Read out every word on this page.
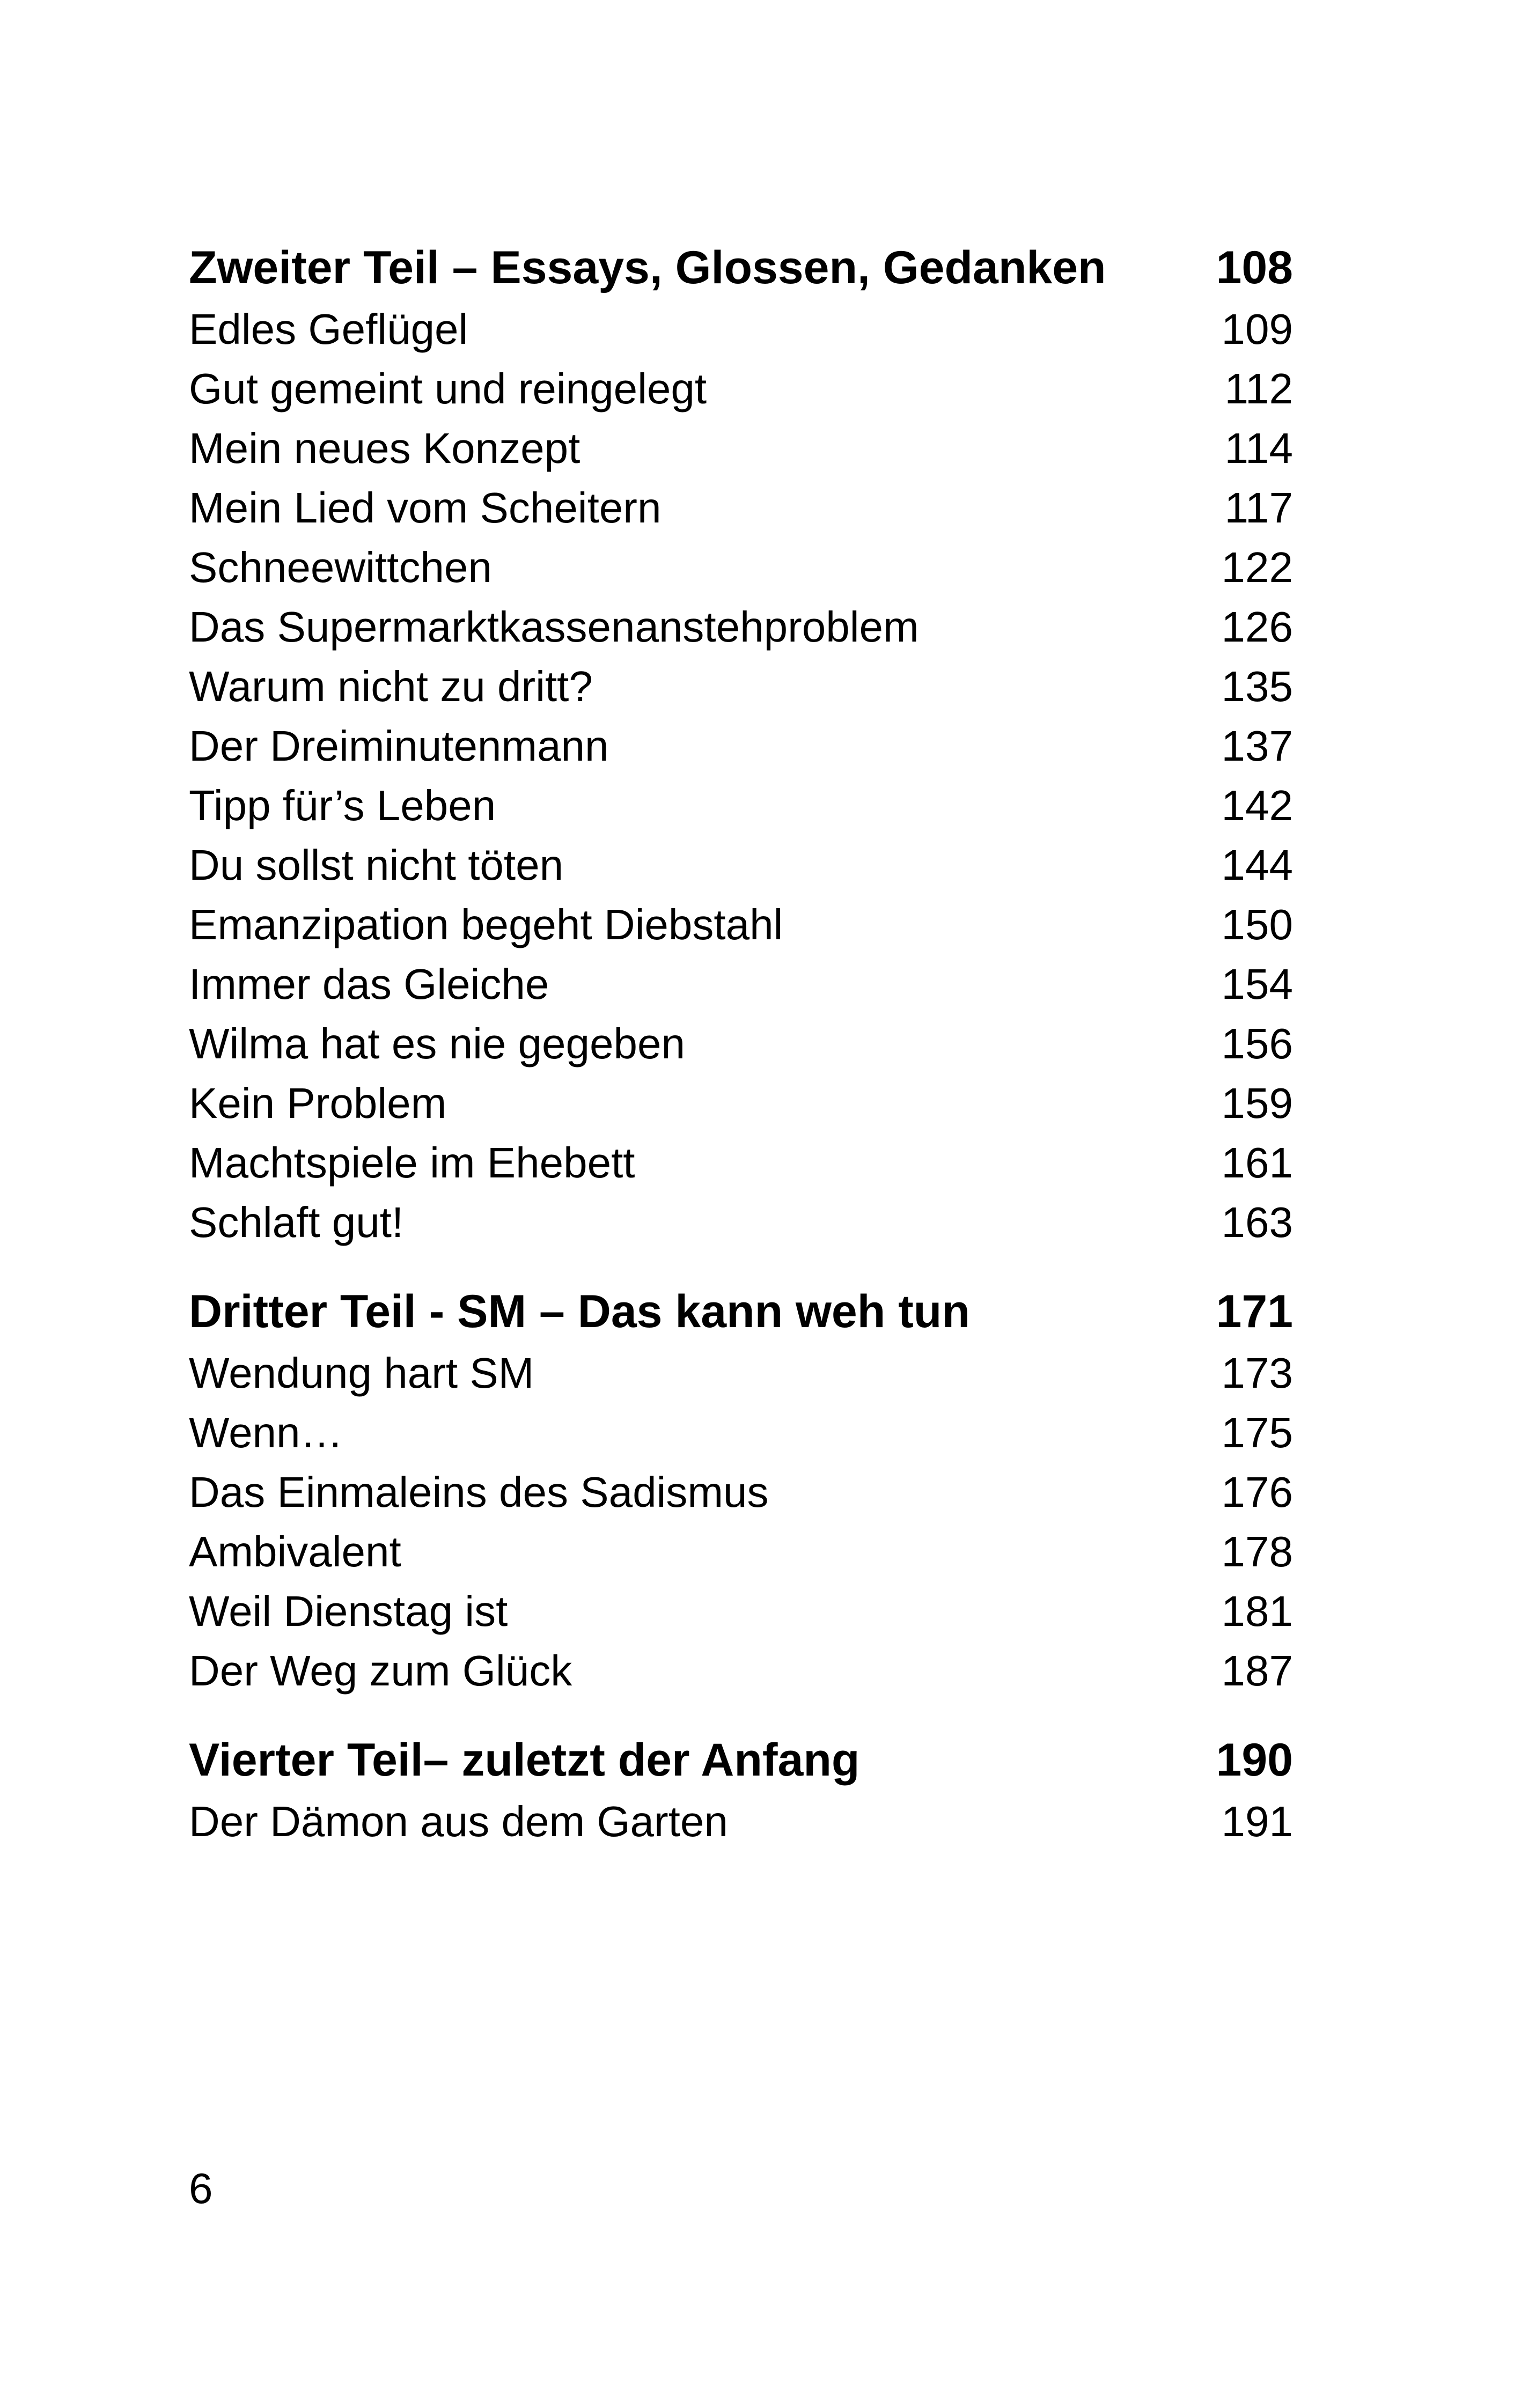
Zweiter Teil – Essays, Glossen, Gedanken	108
Edles Geflügel	109
Gut gemeint und reingelegt	112
Mein neues Konzept	114
Mein Lied vom Scheitern	117
Schneewittchen	122
Das Supermarktkassenanstehproblem	126
Warum nicht zu dritt?	135
Der Dreiminutenmann	137
Tipp für’s Leben	142
Du sollst nicht töten	144
Emanzipation begeht Diebstahl	150
Immer das Gleiche	154
Wilma hat es nie gegeben	156
Kein Problem	159
Machtspiele im Ehebett	161
Schlaft gut!	163
Dritter Teil - SM – Das kann weh tun	171
Wendung hart SM	173
Wenn…	175
Das Einmaleins des Sadismus	176
Ambivalent	178
Weil Dienstag ist	181
Der Weg zum Glück	187
Vierter Teil– zuletzt der Anfang	190
Der Dämon aus dem Garten	191
6
